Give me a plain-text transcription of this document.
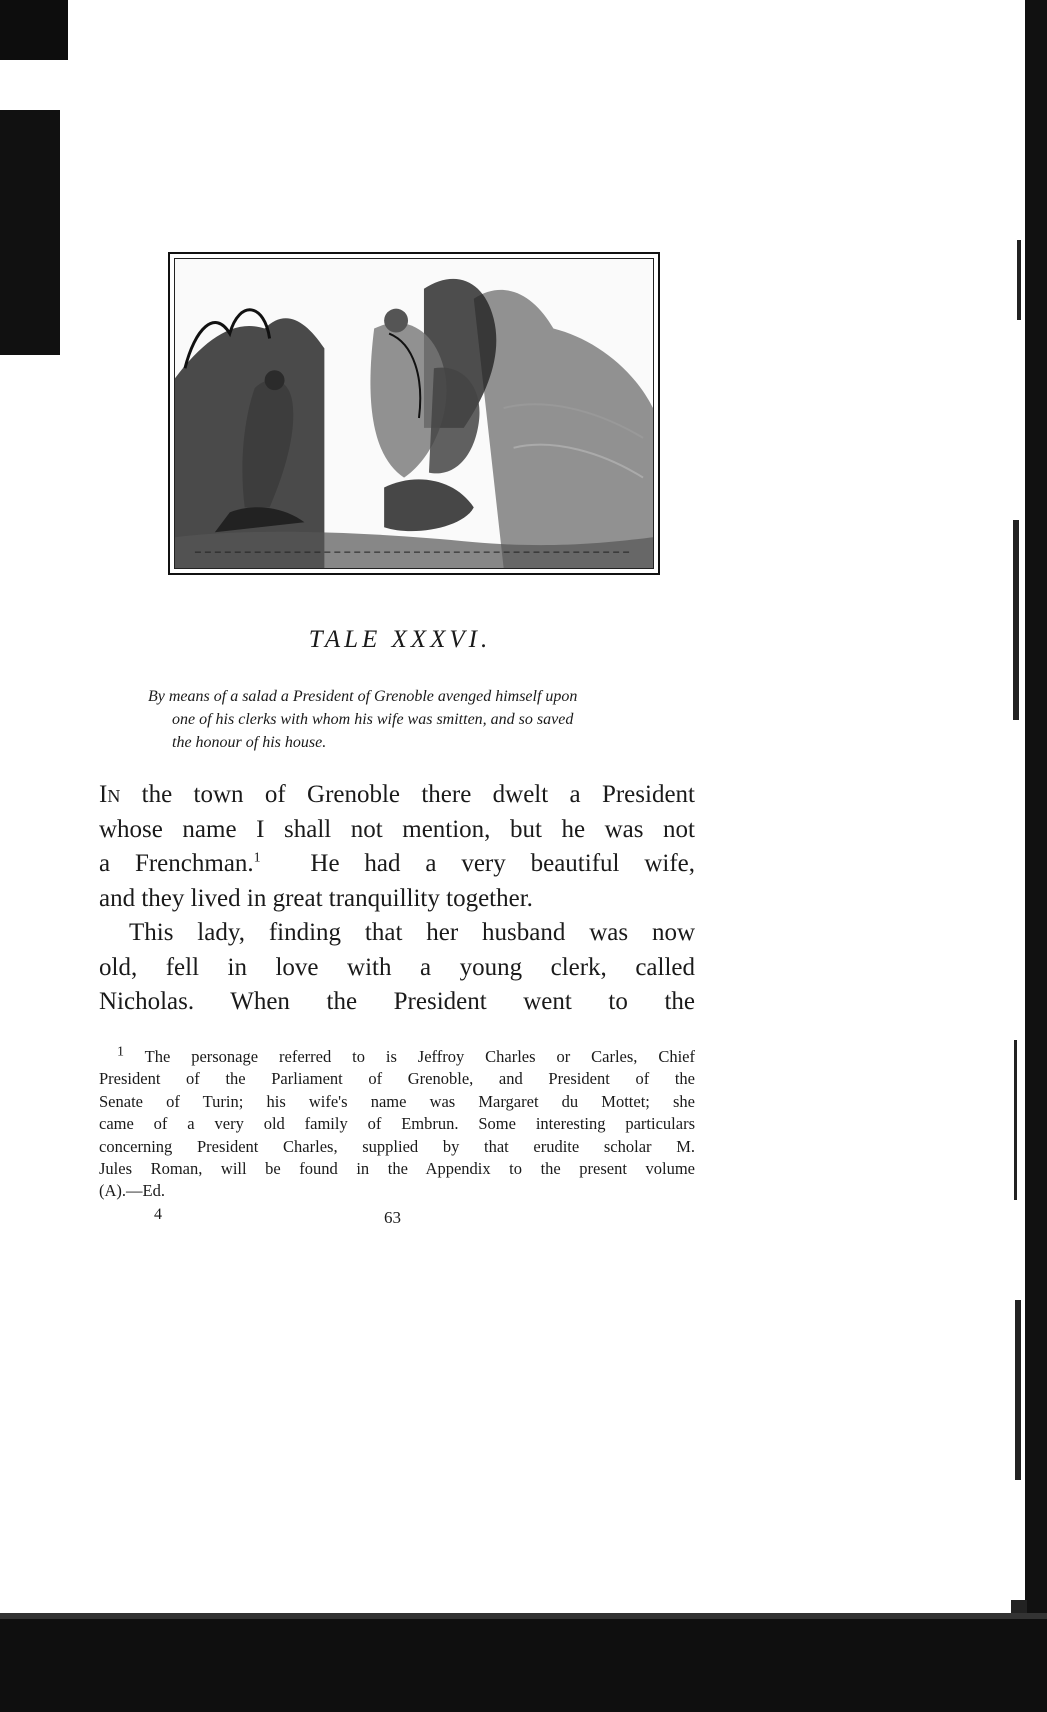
TALE XXXVI.
By means of a salad a President of Grenoble avenged himself upon
one of his clerks with whom his wife was smitten, and so saved
the honour of his house.
In the town of Grenoble there dwelt a President
whose name I shall not mention, but he was not
a Frenchman.$^1$ He had a very beautiful wife,
and they lived in great tranquillity together.
This lady, finding that her husband was now
old, fell in love with a young clerk, called
Nicholas. When the President went to the
$^1$ The personage referred to is Jeffroy Charles or Carles, Chief
President of the Parliament of Grenoble, and President of the
Senate of Turin; his wife's name was Margaret du Mottet; she
came of a very old family of Embrun. Some interesting particulars
concerning President Charles, supplied by that erudite scholar M.
Jules Roman, will be found in the Appendix to the present volume
(A).—Ed.
4	63
